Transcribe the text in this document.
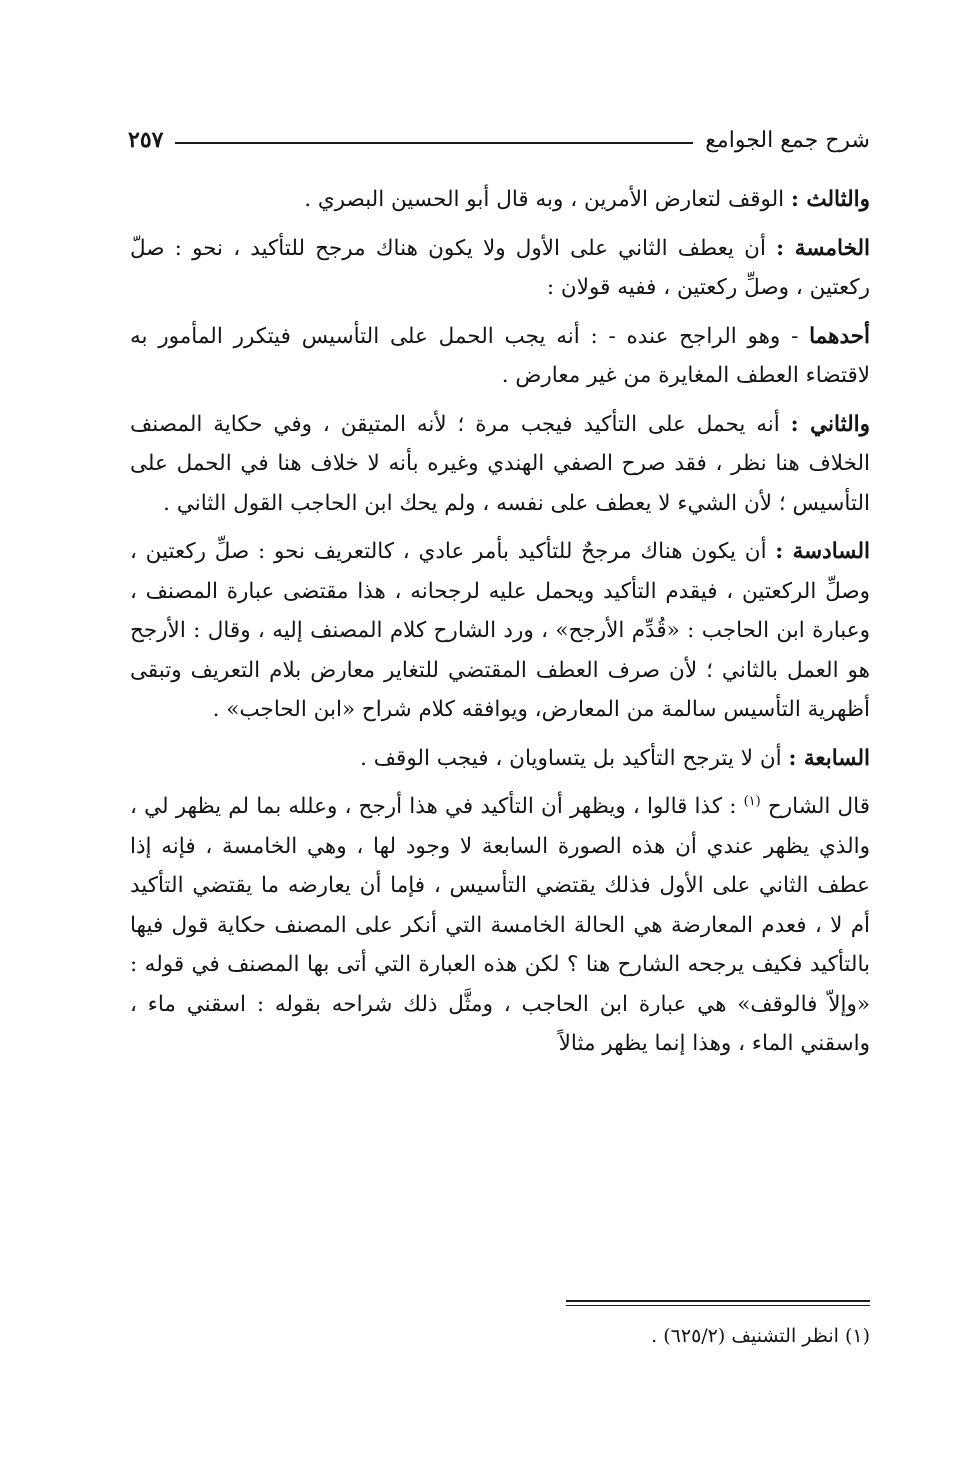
شرح جمع الجوامع
٢٥٧

والثالث : الوقف لتعارض الأمرين ، وبه قال أبو الحسين البصري .

الخامسة : أن يعطف الثاني على الأول ولا يكون هناك مرجح للتأكيد ، نحو : صلّ ركعتين ، وصلِّ ركعتين ، ففيه قولان :

أحدهما - وهو الراجح عنده - : أنه يجب الحمل على التأسيس فيتكرر المأمور به لاقتضاء العطف المغايرة من غير معارض .

والثاني : أنه يحمل على التأكيد فيجب مرة ؛ لأنه المتيقن ، وفي حكاية المصنف الخلاف هنا نظر ، فقد صرح الصفي الهندي وغيره بأنه لا خلاف هنا في الحمل على التأسيس ؛ لأن الشيء لا يعطف على نفسه ، ولم يحك ابن الحاجب القول الثاني .

السادسة : أن يكون هناك مرجحٌ للتأكيد بأمر عادي ، كالتعريف نحو : صلِّ ركعتين ، وصلِّ الركعتين ، فيقدم التأكيد ويحمل عليه لرجحانه ، هذا مقتضى عبارة المصنف ، وعبارة ابن الحاجب : «قُدِّم الأرجح» ، ورد الشارح كلام المصنف إليه ، وقال : الأرجح هو العمل بالثاني ؛ لأن صرف العطف المقتضي للتغاير معارض بلام التعريف وتبقى أظهرية التأسيس سالمة من المعارض، ويوافقه كلام شراح «ابن الحاجب» .

السابعة : أن لا يترجح التأكيد بل يتساويان ، فيجب الوقف .

قال الشارح $^{(١)}$ : كذا قالوا ، ويظهر أن التأكيد في هذا أرجح ، وعلله بما لم يظهر لي ، والذي يظهر عندي أن هذه الصورة السابعة لا وجود لها ، وهي الخامسة ، فإنه إذا عطف الثاني على الأول فذلك يقتضي التأسيس ، فإما أن يعارضه ما يقتضي التأكيد أم لا ، فعدم المعارضة هي الحالة الخامسة التي أنكر على المصنف حكاية قول فيها بالتأكيد فكيف يرجحه الشارح هنا ؟ لكن هذه العبارة التي أتى بها المصنف في قوله : «وإلاّ فالوقف» هي عبارة ابن الحاجب ، ومثَّل ذلك شراحه بقوله : اسقني ماء ، واسقني الماء ، وهذا إنما يظهر مثالاً

(١) انظر التشنيف (٦٢٥/٢) .
